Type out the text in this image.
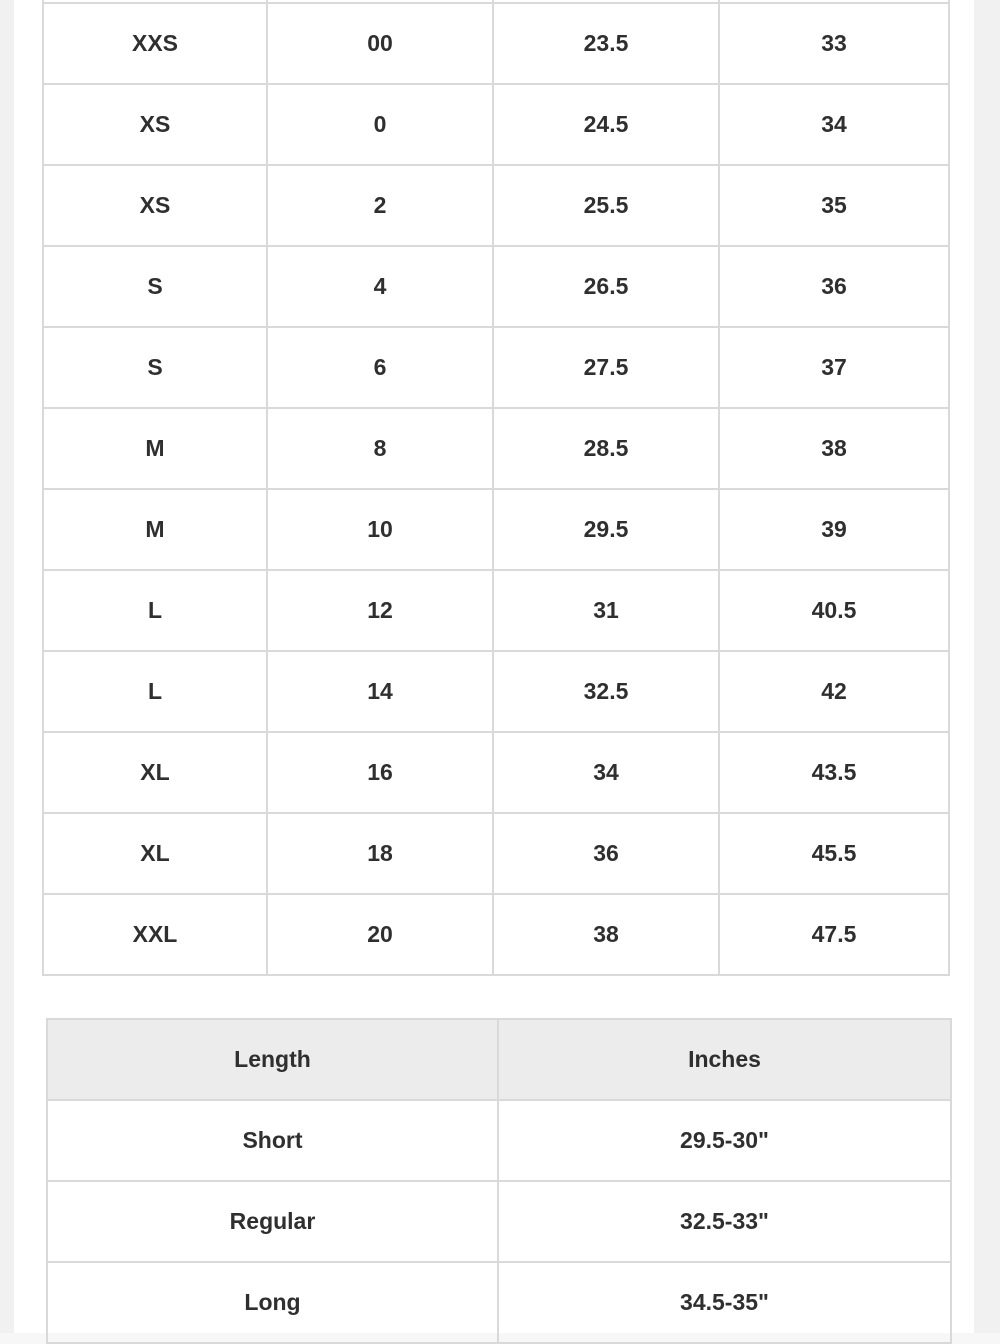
XXS	00	23.5	33
XS	0	24.5	34
XS	2	25.5	35
S	4	26.5	36
S	6	27.5	37
M	8	28.5	38
M	10	29.5	39
L	12	31	40.5
L	14	32.5	42
XL	16	34	43.5
XL	18	36	45.5
XXL	20	38	47.5
Length	Inches
Short	29.5-30"
Regular	32.5-33"
Long	34.5-35"
